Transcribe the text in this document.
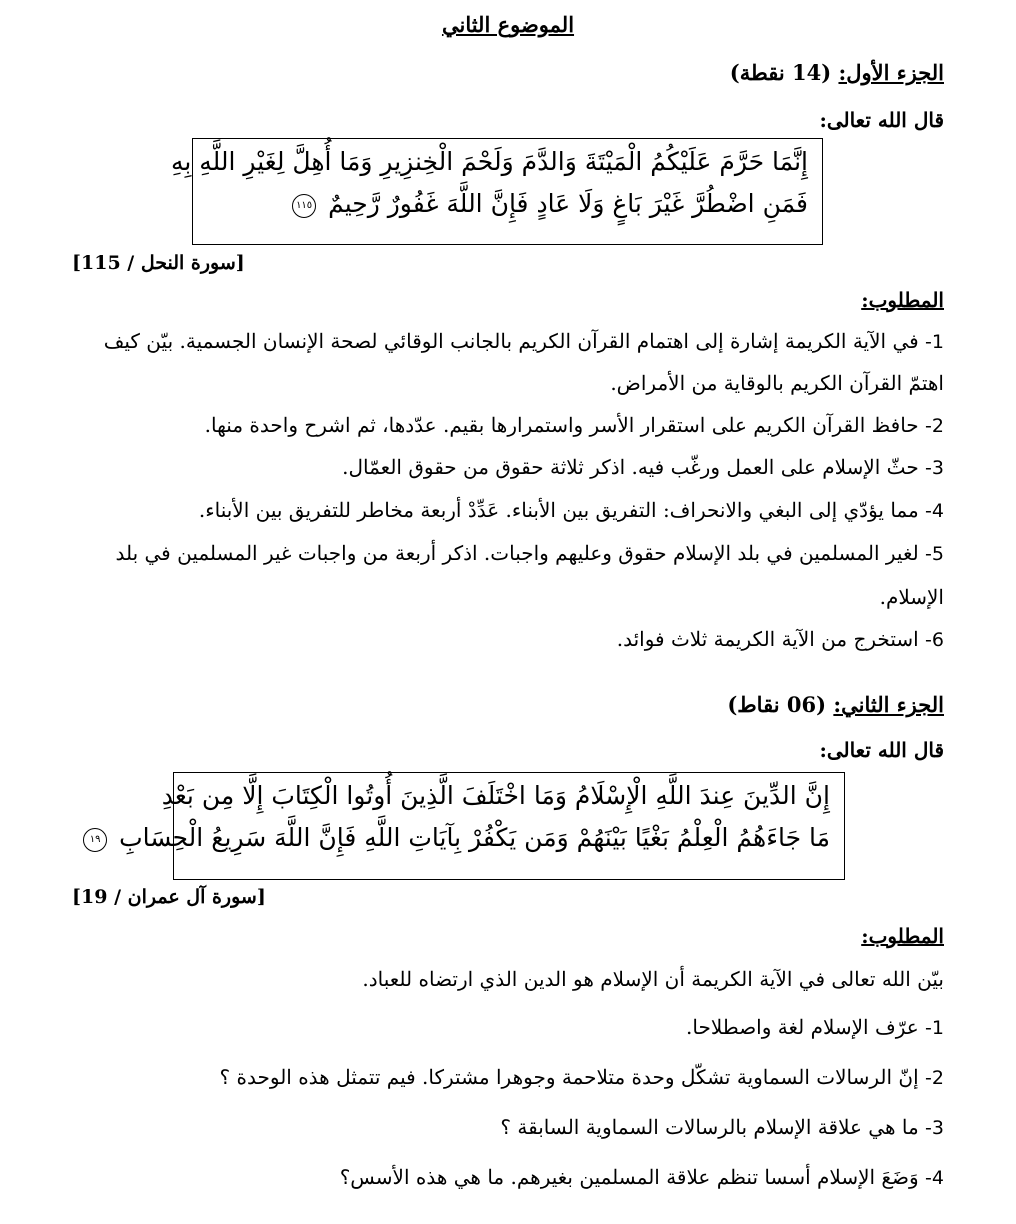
الموضوع الثاني
الجزء الأول: (14 نقطة)
قال الله تعالى:
إِنَّمَا حَرَّمَ عَلَيْكُمُ الْمَيْتَةَ وَالدَّمَ وَلَحْمَ الْخِنزِيرِ وَمَا أُهِلَّ لِغَيْرِ اللَّهِ بِهِ
فَمَنِ اضْطُرَّ غَيْرَ بَاغٍ وَلَا عَادٍ فَإِنَّ اللَّهَ غَفُورٌ رَّحِيمٌ ١١٥
[سورة النحل / 115]
المطلوب:
1- في الآية الكريمة إشارة إلى اهتمام القرآن الكريم بالجانب الوقائي لصحة الإنسان الجسمية. بيّن كيف
اهتمّ القرآن الكريم بالوقاية من الأمراض.
2- حافظ القرآن الكريم على استقرار الأسر واستمرارها بقيم. عدّدها، ثم اشرح واحدة منها.
3- حثّ الإسلام على العمل ورغّب فيه. اذكر ثلاثة حقوق من حقوق العمّال.
4- مما يؤدّي إلى البغي والانحراف: التفريق بين الأبناء. عَدِّدْ أربعة مخاطر للتفريق بين الأبناء.
5- لغير المسلمين في بلد الإسلام حقوق وعليهم واجبات. اذكر أربعة من واجبات غير المسلمين في بلد
الإسلام.
6- استخرج من الآية الكريمة ثلاث فوائد.
الجزء الثاني: (06 نقاط)
قال الله تعالى:
إِنَّ الدِّينَ عِندَ اللَّهِ الْإِسْلَامُ وَمَا اخْتَلَفَ الَّذِينَ أُوتُوا الْكِتَابَ إِلَّا مِن بَعْدِ
مَا جَاءَهُمُ الْعِلْمُ بَغْيًا بَيْنَهُمْ وَمَن يَكْفُرْ بِآيَاتِ اللَّهِ فَإِنَّ اللَّهَ سَرِيعُ الْحِسَابِ ١٩
[سورة آل عمران / 19]
المطلوب:
بيّن الله تعالى في الآية الكريمة أن الإسلام هو الدين الذي ارتضاه للعباد.
1- عرّف الإسلام لغة واصطلاحا.
2- إنّ الرسالات السماوية تشكّل وحدة متلاحمة وجوهرا مشتركا. فيم تتمثل هذه الوحدة ؟
3- ما هي علاقة الإسلام بالرسالات السماوية السابقة ؟
4- وَضَعَ الإسلام أسسا تنظم علاقة المسلمين بغيرهم. ما هي هذه الأسس؟
